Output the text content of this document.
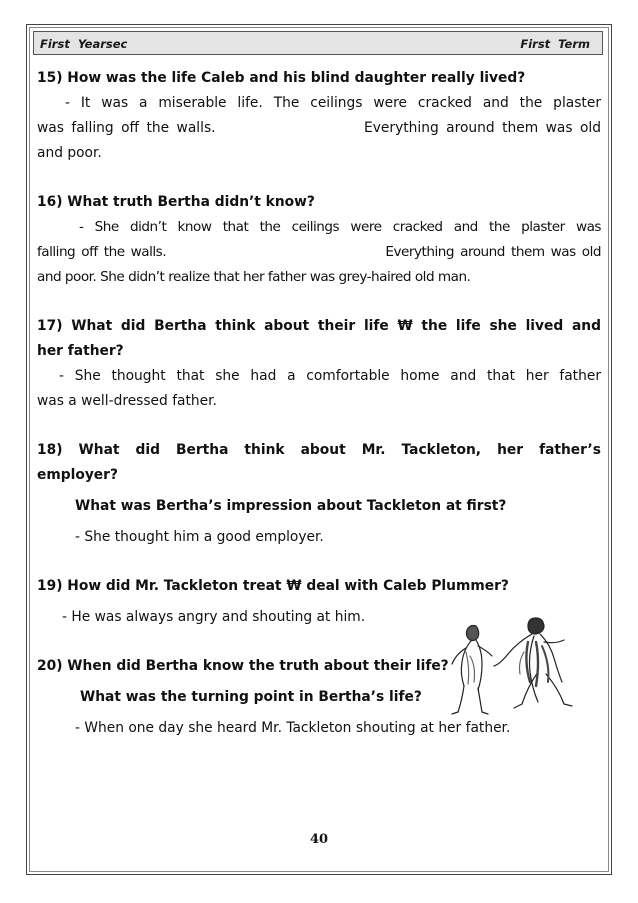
First  Yearsec	First  Term

15) How was the life Caleb and his blind daughter really lived?

- It was a miserable life. The ceilings were cracked and the plaster

was falling off the walls.                    Everything around them was old

and poor.

16) What truth Bertha didn’t know?

- She didn’t know that the ceilings were cracked and the plaster was

falling off the walls.                                    Everything around them was old

and poor. She didn’t realize that her father was grey-haired old man.

17) What did Bertha think about their life ₩ the life she lived and

her father?

- She thought that she had a comfortable home and that her father

was a well-dressed father.

18) What did Bertha think about Mr. Tackleton, her father’s

employer?

What was Bertha’s impression about Tackleton at first?

- She thought him a good employer.

19) How did Mr. Tackleton treat ₩ deal with Caleb Plummer?

- He was always angry and shouting at him.

20) When did Bertha know the truth about their life?

What was the turning point in Bertha’s life?

- When one day she heard Mr. Tackleton shouting at her father.

40
